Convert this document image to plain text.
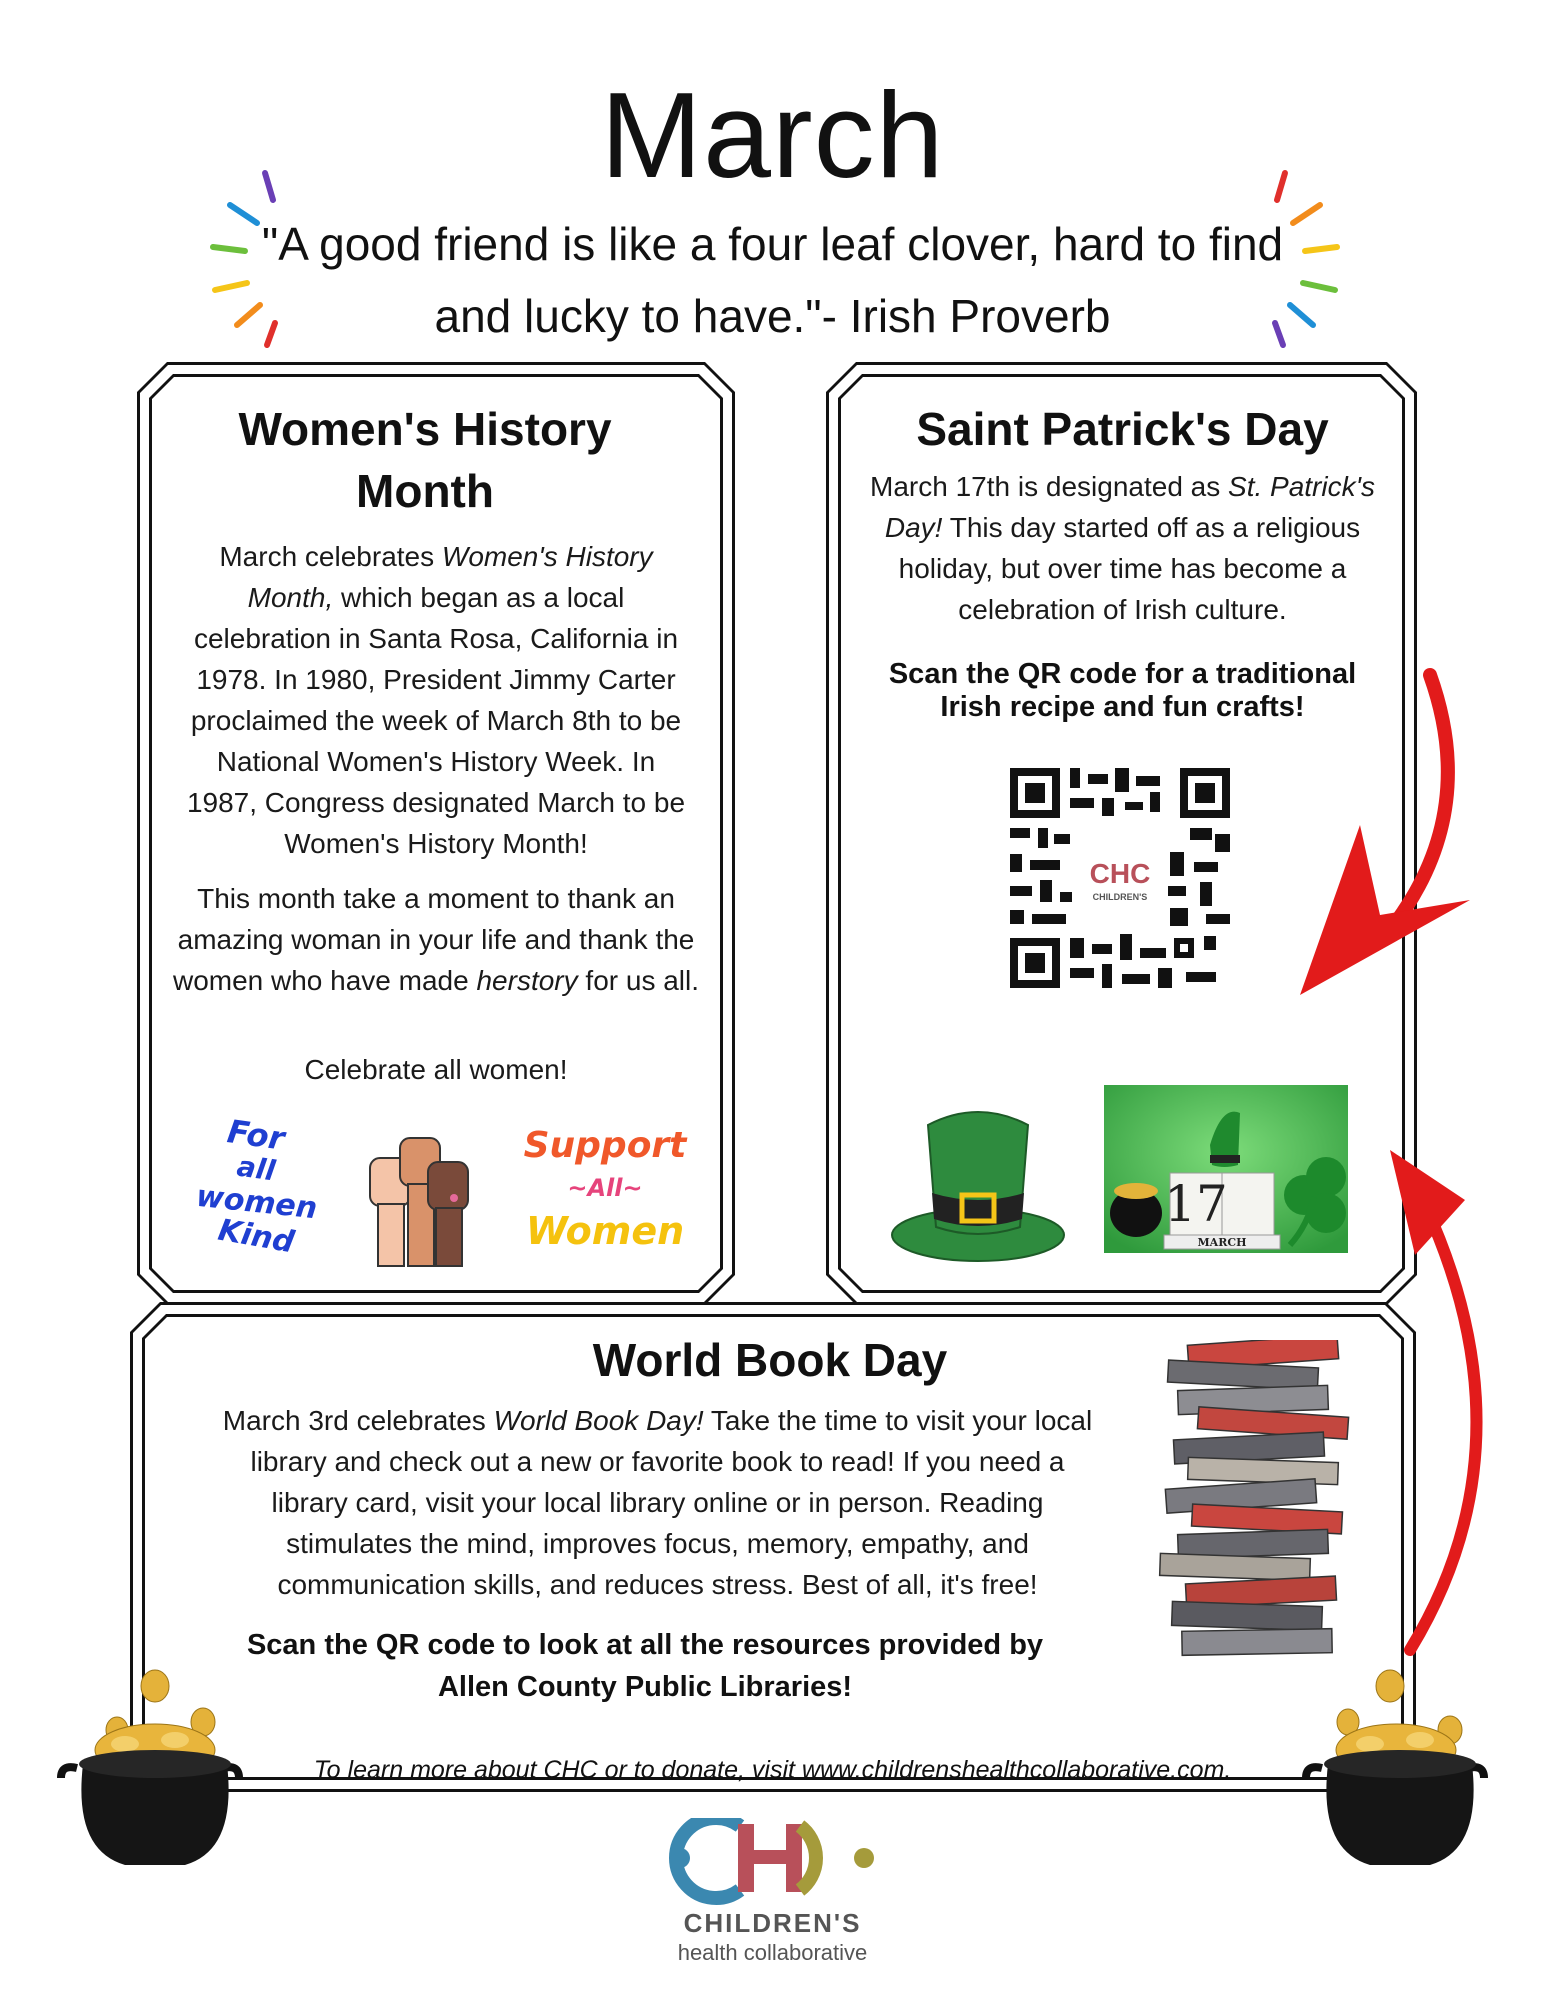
March
"A good friend is like a four leaf clover, hard to find and lucky to have."- Irish Proverb
Women's History Month
March celebrates Women's History Month, which began as a local celebration in Santa Rosa, California in 1978. In 1980, President Jimmy Carter proclaimed the week of March 8th to be National Women's History Week. In 1987, Congress designated March to be Women's History Month!
This month take a moment to thank an amazing woman in your life and thank the women who have made herstory for us all.
Celebrate all women!
For
all
women
Kind
Support
~All~
Women
Saint Patrick's Day
March 17th is designated as St. Patrick's Day! This day started off as a religious holiday, but over time has become a celebration of Irish culture.
Scan the QR code for a traditional Irish recipe and fun crafts!
CHC
CHILDREN'S
17
MARCH
World Book Day
March 3rd celebrates World Book Day! Take the time to visit your local library and check out a new or favorite book to read! If you need a library card, visit your local library online or in person. Reading stimulates the mind, improves focus, memory, empathy, and communication skills, and reduces stress. Best of all, it's free!
Scan the QR code to look at all the resources provided by Allen County Public Libraries!
To learn more about CHC or to donate, visit www.childrenshealthcollaborative.com.
CHILDREN'S
health collaborative
